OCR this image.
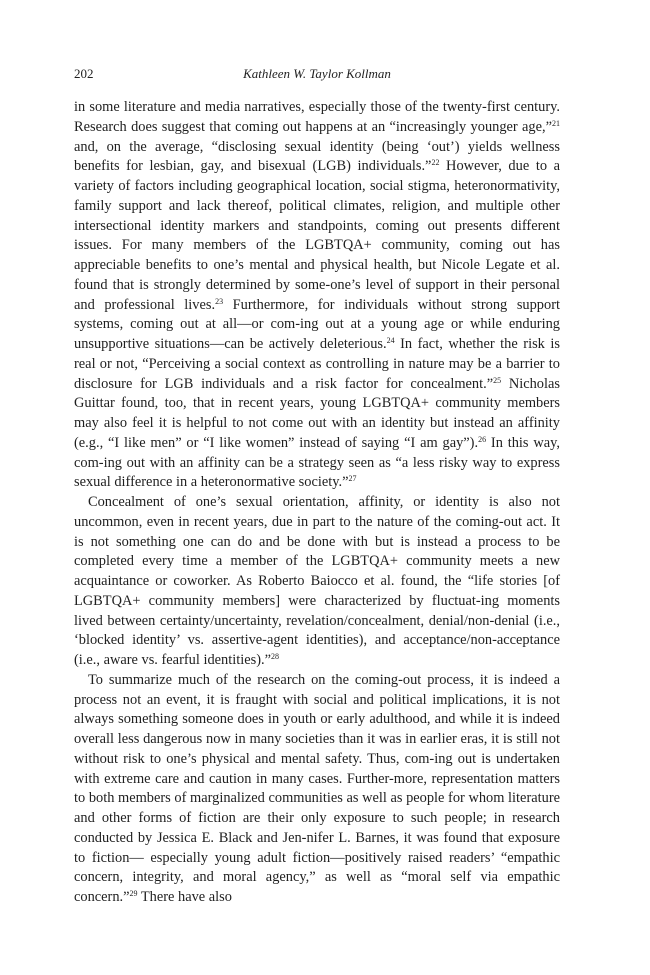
202	Kathleen W. Taylor Kollman

in some literature and media narratives, especially those of the twenty-first century. Research does suggest that coming out happens at an “increasingly younger age,”$^{21}$ and, on the average, “disclosing sexual identity (being ‘out’) yields wellness benefits for lesbian, gay, and bisexual (LGB) individuals.”$^{22}$ However, due to a variety of factors including geographical location, social stigma, heteronormativity, family support and lack thereof, political climates, religion, and multiple other intersectional identity markers and standpoints, coming out presents different issues. For many members of the LGBTQA+ community, coming out has appreciable benefits to one’s mental and physical health, but Nicole Legate et al. found that is strongly determined by some-one’s level of support in their personal and professional lives.$^{23}$ Furthermore, for individuals without strong support systems, coming out at all—or com-ing out at a young age or while enduring unsupportive situations—can be actively deleterious.$^{24}$ In fact, whether the risk is real or not, “Perceiving a social context as controlling in nature may be a barrier to disclosure for LGB individuals and a risk factor for concealment.”$^{25}$ Nicholas Guittar found, too, that in recent years, young LGBTQA+ community members may also feel it is helpful to not come out with an identity but instead an affinity (e.g., “I like men” or “I like women” instead of saying “I am gay”).$^{26}$ In this way, com-ing out with an affinity can be a strategy seen as “a less risky way to express sexual difference in a heteronormative society.”$^{27}$

Concealment of one’s sexual orientation, affinity, or identity is also not uncommon, even in recent years, due in part to the nature of the coming-out act. It is not something one can do and be done with but is instead a process to be completed every time a member of the LGBTQA+ community meets a new acquaintance or coworker. As Roberto Baiocco et al. found, the “life stories [of LGBTQA+ community members] were characterized by fluctuat-ing moments lived between certainty/uncertainty, revelation/concealment, denial/non-denial (i.e., ‘blocked identity’ vs. assertive-agent identities), and acceptance/non-acceptance (i.e., aware vs. fearful identities).”$^{28}$

To summarize much of the research on the coming-out process, it is indeed a process not an event, it is fraught with social and political implications, it is not always something someone does in youth or early adulthood, and while it is indeed overall less dangerous now in many societies than it was in earlier eras, it is still not without risk to one’s physical and mental safety. Thus, com-ing out is undertaken with extreme care and caution in many cases. Further-more, representation matters to both members of marginalized communities as well as people for whom literature and other forms of fiction are their only exposure to such people; in research conducted by Jessica E. Black and Jen-nifer L. Barnes, it was found that exposure to fiction— especially young adult fiction—positively raised readers’ “empathic concern, integrity, and moral agency,” as well as “moral self via empathic concern.”$^{29}$ There have also
